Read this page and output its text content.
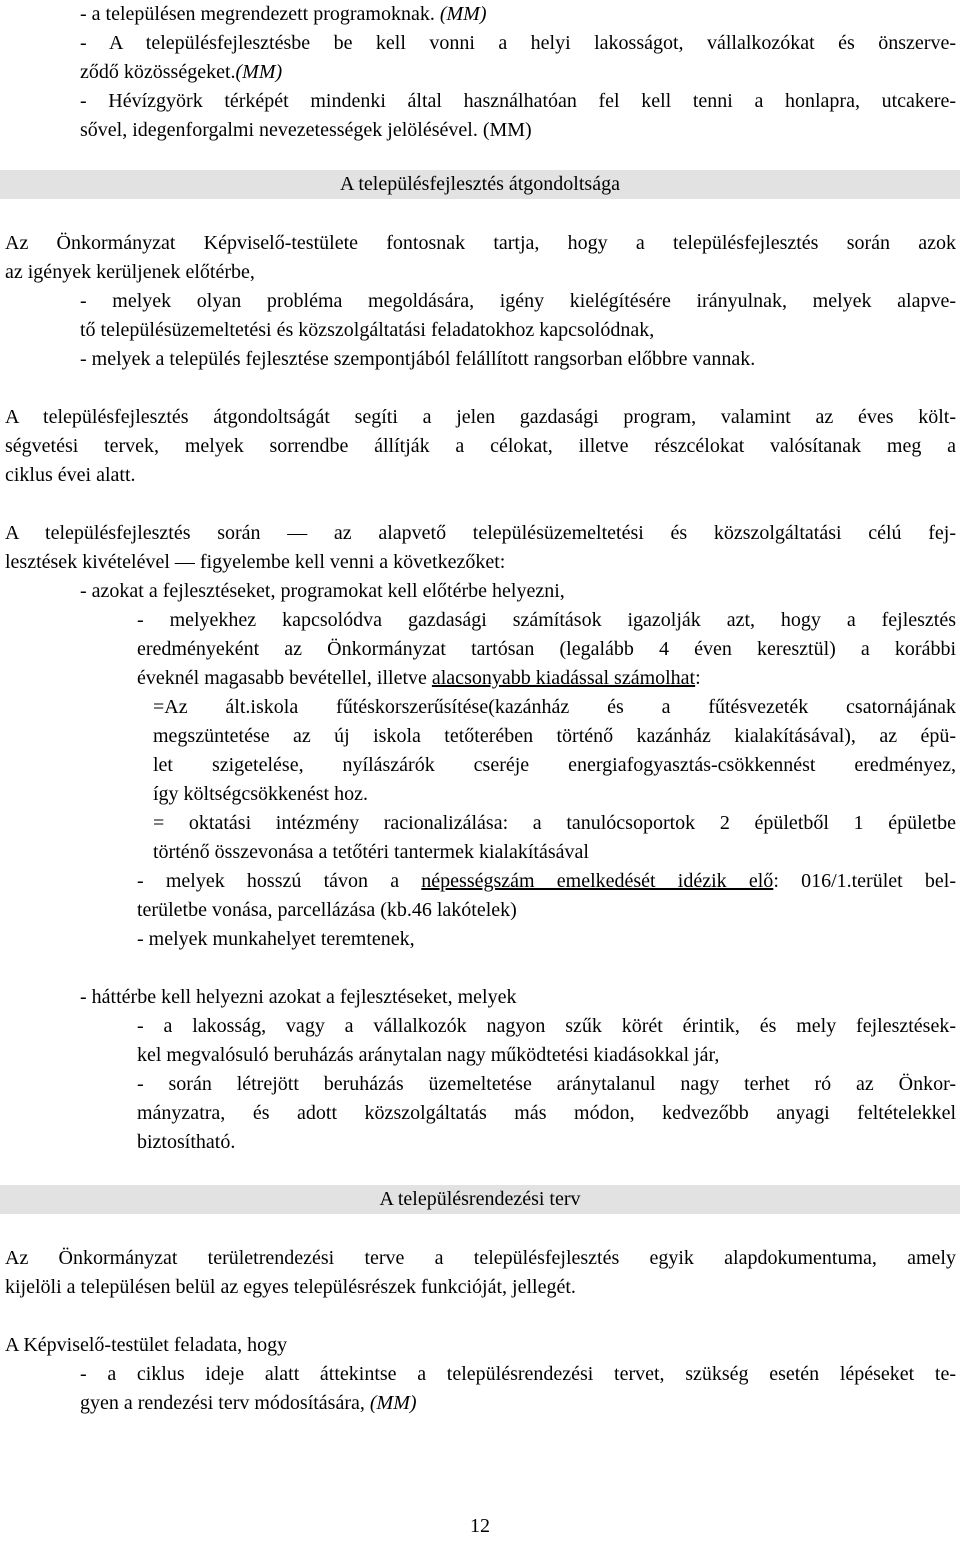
- a településen megrendezett programoknak. (MM)
- A településfejlesztésbe be kell vonni a helyi lakosságot, vállalkozókat és önszerve-
ződő közösségeket.(MM)
- Hévízgyörk térképét mindenki által használhatóan fel kell tenni a honlapra, utcakere-
sővel, idegenforgalmi nevezetességek jelölésével. (MM)
A településfejlesztés átgondoltsága
Az Önkormányzat Képviselő-testülete fontosnak tartja, hogy a településfejlesztés során azok
az igények kerüljenek előtérbe,
- melyek olyan probléma megoldására, igény kielégítésére irányulnak, melyek alapve-
tő településüzemeltetési és közszolgáltatási feladatokhoz kapcsolódnak,
- melyek a település fejlesztése szempontjából felállított rangsorban előbbre vannak.
A településfejlesztés átgondoltságát segíti a jelen gazdasági program, valamint az éves költ-
ségvetési tervek, melyek sorrendbe állítják a célokat, illetve részcélokat valósítanak meg a
ciklus évei alatt.
A településfejlesztés során — az alapvető településüzemeltetési és közszolgáltatási célú fej-
lesztések kivételével — figyelembe kell venni a következőket:
- azokat a fejlesztéseket, programokat kell előtérbe helyezni,
- melyekhez kapcsolódva gazdasági számítások igazolják azt, hogy a fejlesztés
eredményeként az Önkormányzat tartósan (legalább 4 éven keresztül) a korábbi
éveknél magasabb bevétellel, illetve alacsonyabb kiadással számolhat:
=Az ált.iskola fűtéskorszerűsítése(kazánház és a fűtésvezeték csatornájának
megszüntetése az új iskola tetőterében történő kazánház kialakításával), az épü-
let szigetelése, nyílászárók cseréje energiafogyasztás-csökkennést eredményez,
így költségcsökkenést hoz.
= oktatási intézmény racionalizálása: a tanulócsoportok 2 épületből 1 épületbe
történő összevonása a tetőtéri tantermek kialakításával
- melyek hosszú távon a népességszám emelkedését idézik elő: 016/1.terület bel-
területbe vonása, parcellázása (kb.46 lakótelek)
- melyek munkahelyet teremtenek,
- háttérbe kell helyezni azokat a fejlesztéseket, melyek
- a lakosság, vagy a vállalkozók nagyon szűk körét érintik, és mely fejlesztések-
kel megvalósuló beruházás aránytalan nagy működtetési kiadásokkal jár,
- során létrejött beruházás üzemeltetése aránytalanul nagy terhet ró az Önkor-
mányzatra, és adott közszolgáltatás más módon, kedvezőbb anyagi feltételekkel
biztosítható.
A településrendezési terv
Az Önkormányzat területrendezési terve a településfejlesztés egyik alapdokumentuma, amely
kijelöli a településen belül az egyes településrészek funkcióját, jellegét.
A Képviselő-testület feladata, hogy
- a ciklus ideje alatt áttekintse a településrendezési tervet, szükség esetén lépéseket te-
gyen a rendezési terv módosítására, (MM)
12
